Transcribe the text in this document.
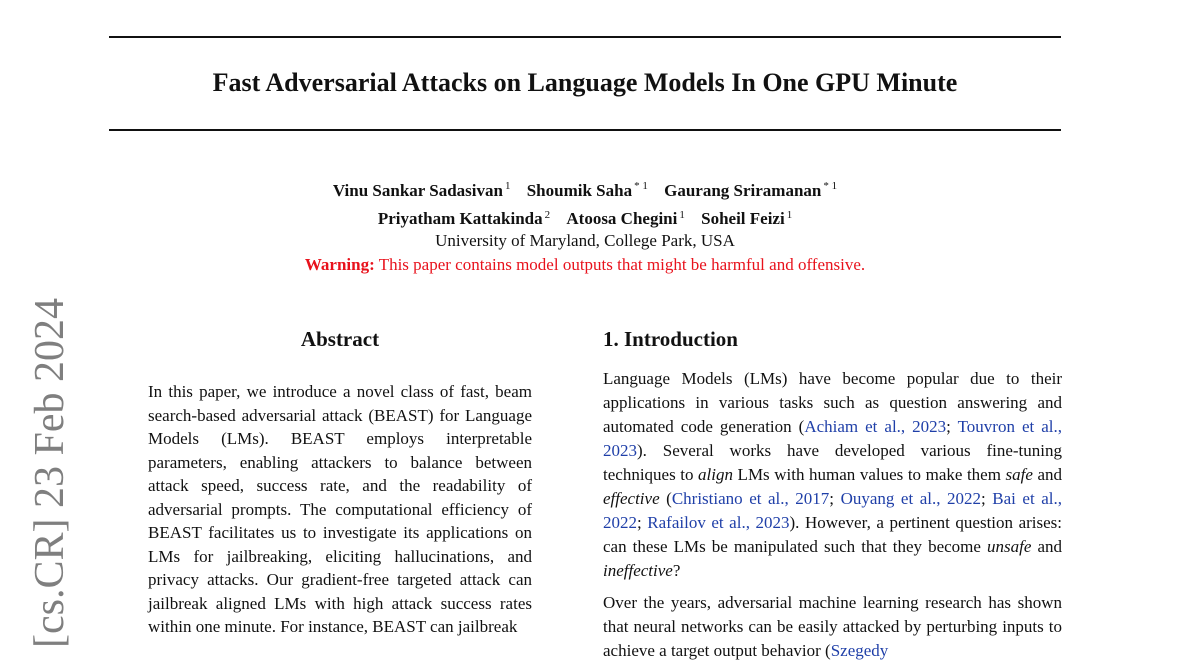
Fast Adversarial Attacks on Language Models In One GPU Minute
Vinu Sankar Sadasivan $^1$ Shoumik Saha $^{* 1}$ Gaurang Sriramanan $^{* 1}$
Priyatham Kattakinda $^2$ Atoosa Chegini $^1$ Soheil Feizi $^1$
University of Maryland, College Park, USA
Warning: This paper contains model outputs that might be harmful and offensive.
[cs.CR] 23 Feb 2024	Abstract
In this paper, we introduce a novel class of fast, beam search-based adversarial attack (BEAST) for Language Models (LMs). BEAST employs interpretable parameters, enabling attackers to balance between attack speed, success rate, and the readability of adversarial prompts. The computational efficiency of BEAST facilitates us to investigate its applications on LMs for jailbreaking, eliciting hallucinations, and privacy attacks. Our gradient-free targeted attack can jailbreak aligned LMs with high attack success rates within one minute. For instance, BEAST can jailbreak
1. Introduction
Language Models (LMs) have become popular due to their applications in various tasks such as question answering and automated code generation (Achiam et al., 2023; Touvron et al., 2023). Several works have developed various fine-tuning techniques to align LMs with human values to make them safe and effective (Christiano et al., 2017; Ouyang et al., 2022; Bai et al., 2022; Rafailov et al., 2023). However, a pertinent question arises: can these LMs be manipulated such that they become unsafe and ineffective?
Over the years, adversarial machine learning research has shown that neural networks can be easily attacked by perturbing inputs to achieve a target output behavior (Szegedy
